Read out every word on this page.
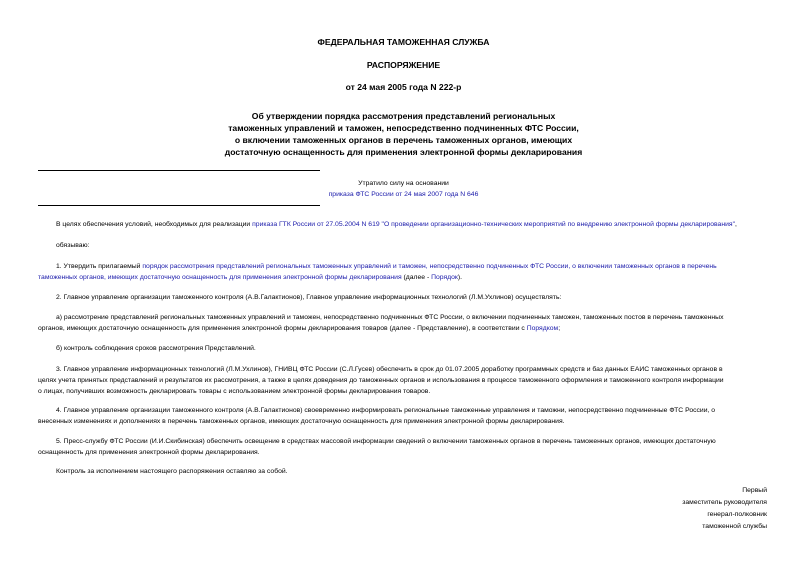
ФЕДЕРАЛЬНАЯ ТАМОЖЕННАЯ СЛУЖБА
РАСПОРЯЖЕНИЕ
от 24 мая 2005 года N 222-р
Об утверждении порядка рассмотрения представлений региональных
таможенных управлений и таможен, непосредственно подчиненных ФТС России,
о включении таможенных органов в перечень таможенных органов, имеющих
достаточную оснащенность для применения электронной формы декларирования
Утратило силу на основании
приказа ФТС России от 24 мая 2007 года N 646
В целях обеспечения условий, необходимых для реализации приказа ГТК России от 27.05.2004 N 619 "О проведении организационно-технических мероприятий по внедрению электронной формы декларирования",
обязываю:
1. Утвердить прилагаемый порядок рассмотрения представлений региональных таможенных управлений и таможен, непосредственно подчиненных ФТС России, о включении таможенных органов в перечень
таможенных органов, имеющих достаточную оснащенность для применения электронной формы декларирования (далее - Порядок).
2. Главное управление организации таможенного контроля (А.В.Галактионов), Главное управление информационных технологий (Л.М.Ухлинов) осуществлять:
а) рассмотрение представлений региональных таможенных управлений и таможен, непосредственно подчиненных ФТС России, о включении подчиненных таможен, таможенных постов в перечень таможенных
органов, имеющих достаточную оснащенность для применения электронной формы декларирования товаров (далее - Представление), в соответствии с Порядком;
б) контроль соблюдения сроков рассмотрения Представлений.
3. Главное управление информационных технологий (Л.М.Ухлинов), ГНИВЦ ФТС России (С.Л.Гусев) обеспечить в срок до 01.07.2005 доработку программных средств и баз данных ЕАИС таможенных органов в
целях учета принятых представлений и результатов их рассмотрения, а также в целях доведения до таможенных органов и использования в процессе таможенного оформления и таможенного контроля информации
о лицах, получивших возможность декларировать товары с использованием электронной формы декларирования товаров.
4. Главное управление организации таможенного контроля (А.В.Галактионов) своевременно информировать региональные таможенные управления и таможни, непосредственно подчиненные ФТС России, о
внесенных изменениях и дополнениях в перечень таможенных органов, имеющих достаточную оснащенность для применения электронной формы декларирования.
5. Пресс-службу ФТС России (И.И.Скибинская) обеспечить освещение в средствах массовой информации сведений о включении таможенных органов в перечень таможенных органов, имеющих достаточную
оснащенность для применения электронной формы декларирования.
Контроль за исполнением настоящего распоряжения оставляю за собой.
Первый
заместитель руководителя
генерал-полковник
таможенной службы
